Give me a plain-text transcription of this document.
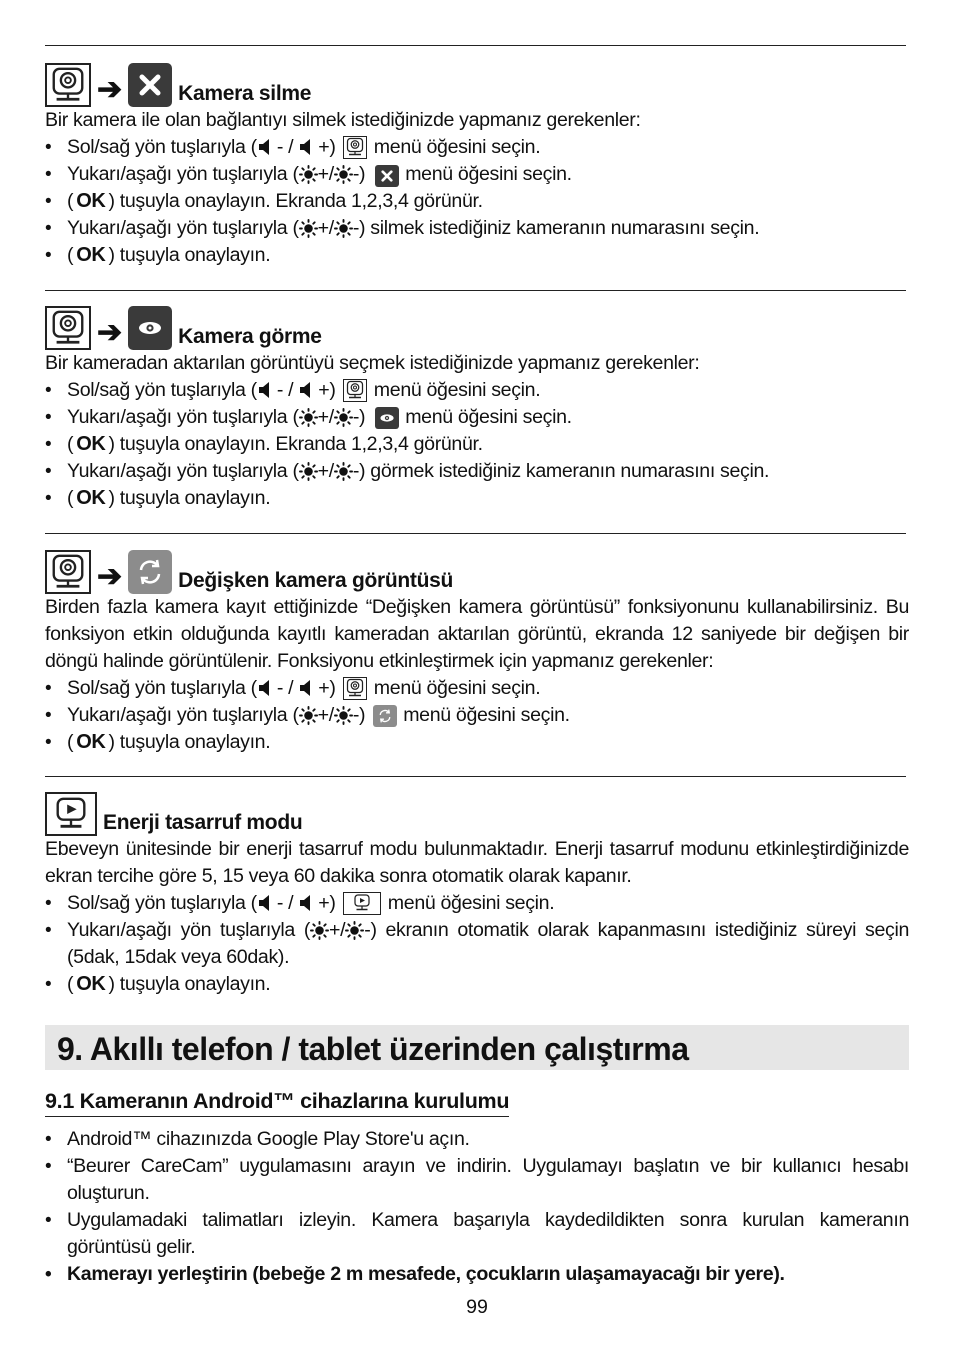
➔	Kamera silme

Bir kamera ile olan bağlantıyı silmek istediğinizde yapmanız gerekenler:

• Sol/sağ yön tuşlarıyla ( - / +) menü öğesini seçin.
• Yukarı/aşağı yön tuşlarıyla ( +/ -) menü öğesini seçin.
• ( OK ) tuşuyla onaylayın. Ekranda 1,2,3,4 görünür.
• Yukarı/aşağı yön tuşlarıyla ( +/ -) silmek istediğiniz kameranın numarasını seçin.
• ( OK ) tuşuyla onaylayın.
➔	Kamera görme

Bir kameradan aktarılan görüntüyü seçmek istediğinizde yapmanız gerekenler:

• Sol/sağ yön tuşlarıyla ( - / +) menü öğesini seçin.
• Yukarı/aşağı yön tuşlarıyla ( +/ -) menü öğesini seçin.
• ( OK ) tuşuyla onaylayın. Ekranda 1,2,3,4 görünür.
• Yukarı/aşağı yön tuşlarıyla ( +/ -) görmek istediğiniz kameranın numarasını seçin.
• ( OK ) tuşuyla onaylayın.
➔	Değişken kamera görüntüsü

Birden fazla kamera kayıt ettiğinizde “Değişken kamera görüntüsü” fonksiyonunu kullanabilirsiniz. Bu fonksiyon etkin olduğunda kayıtlı kameradan aktarılan görüntü, ekranda 12 saniyede bir değişen bir döngü halinde görüntülenir. Fonksiyonu etkinleştirmek için yapmanız gerekenler:

• Sol/sağ yön tuşlarıyla ( - / +) menü öğesini seçin.
• Yukarı/aşağı yön tuşlarıyla ( +/ -) menü öğesini seçin.
• ( OK ) tuşuyla onaylayın.
Enerji tasarruf modu

Ebeveyn ünitesinde bir enerji tasarruf modu bulunmaktadır. Enerji tasarruf modunu etkinleştirdiğinizde ekran tercihe göre 5, 15 veya 60 dakika sonra otomatik olarak kapanır.

• Sol/sağ yön tuşlarıyla ( - / +)	menü öğesini seçin.
• Yukarı/aşağı yön tuşlarıyla ( +/ -) ekranın otomatik olarak kapanmasını istediğiniz süreyi seçin (5dak, 15dak veya 60dak).
• ( OK ) tuşuyla onaylayın.
9. Akıllı telefon / tablet üzerinden çalıştırma
9.1 Kameranın Android™ cihazlarına kurulumu
• Android™ cihazınızda Google Play Store'u açın.
• “Beurer CareCam” uygulamasını arayın ve indirin. Uygulamayı başlatın ve bir kullanıcı hesabı oluşturun.
• Uygulamadaki talimatları izleyin. Kamera başarıyla kaydedildikten sonra kurulan kameranın görüntüsü gelir.
• Kamerayı yerleştirin (bebeğe 2 m mesafede, çocukların ulaşamayacağı bir yere).
99
